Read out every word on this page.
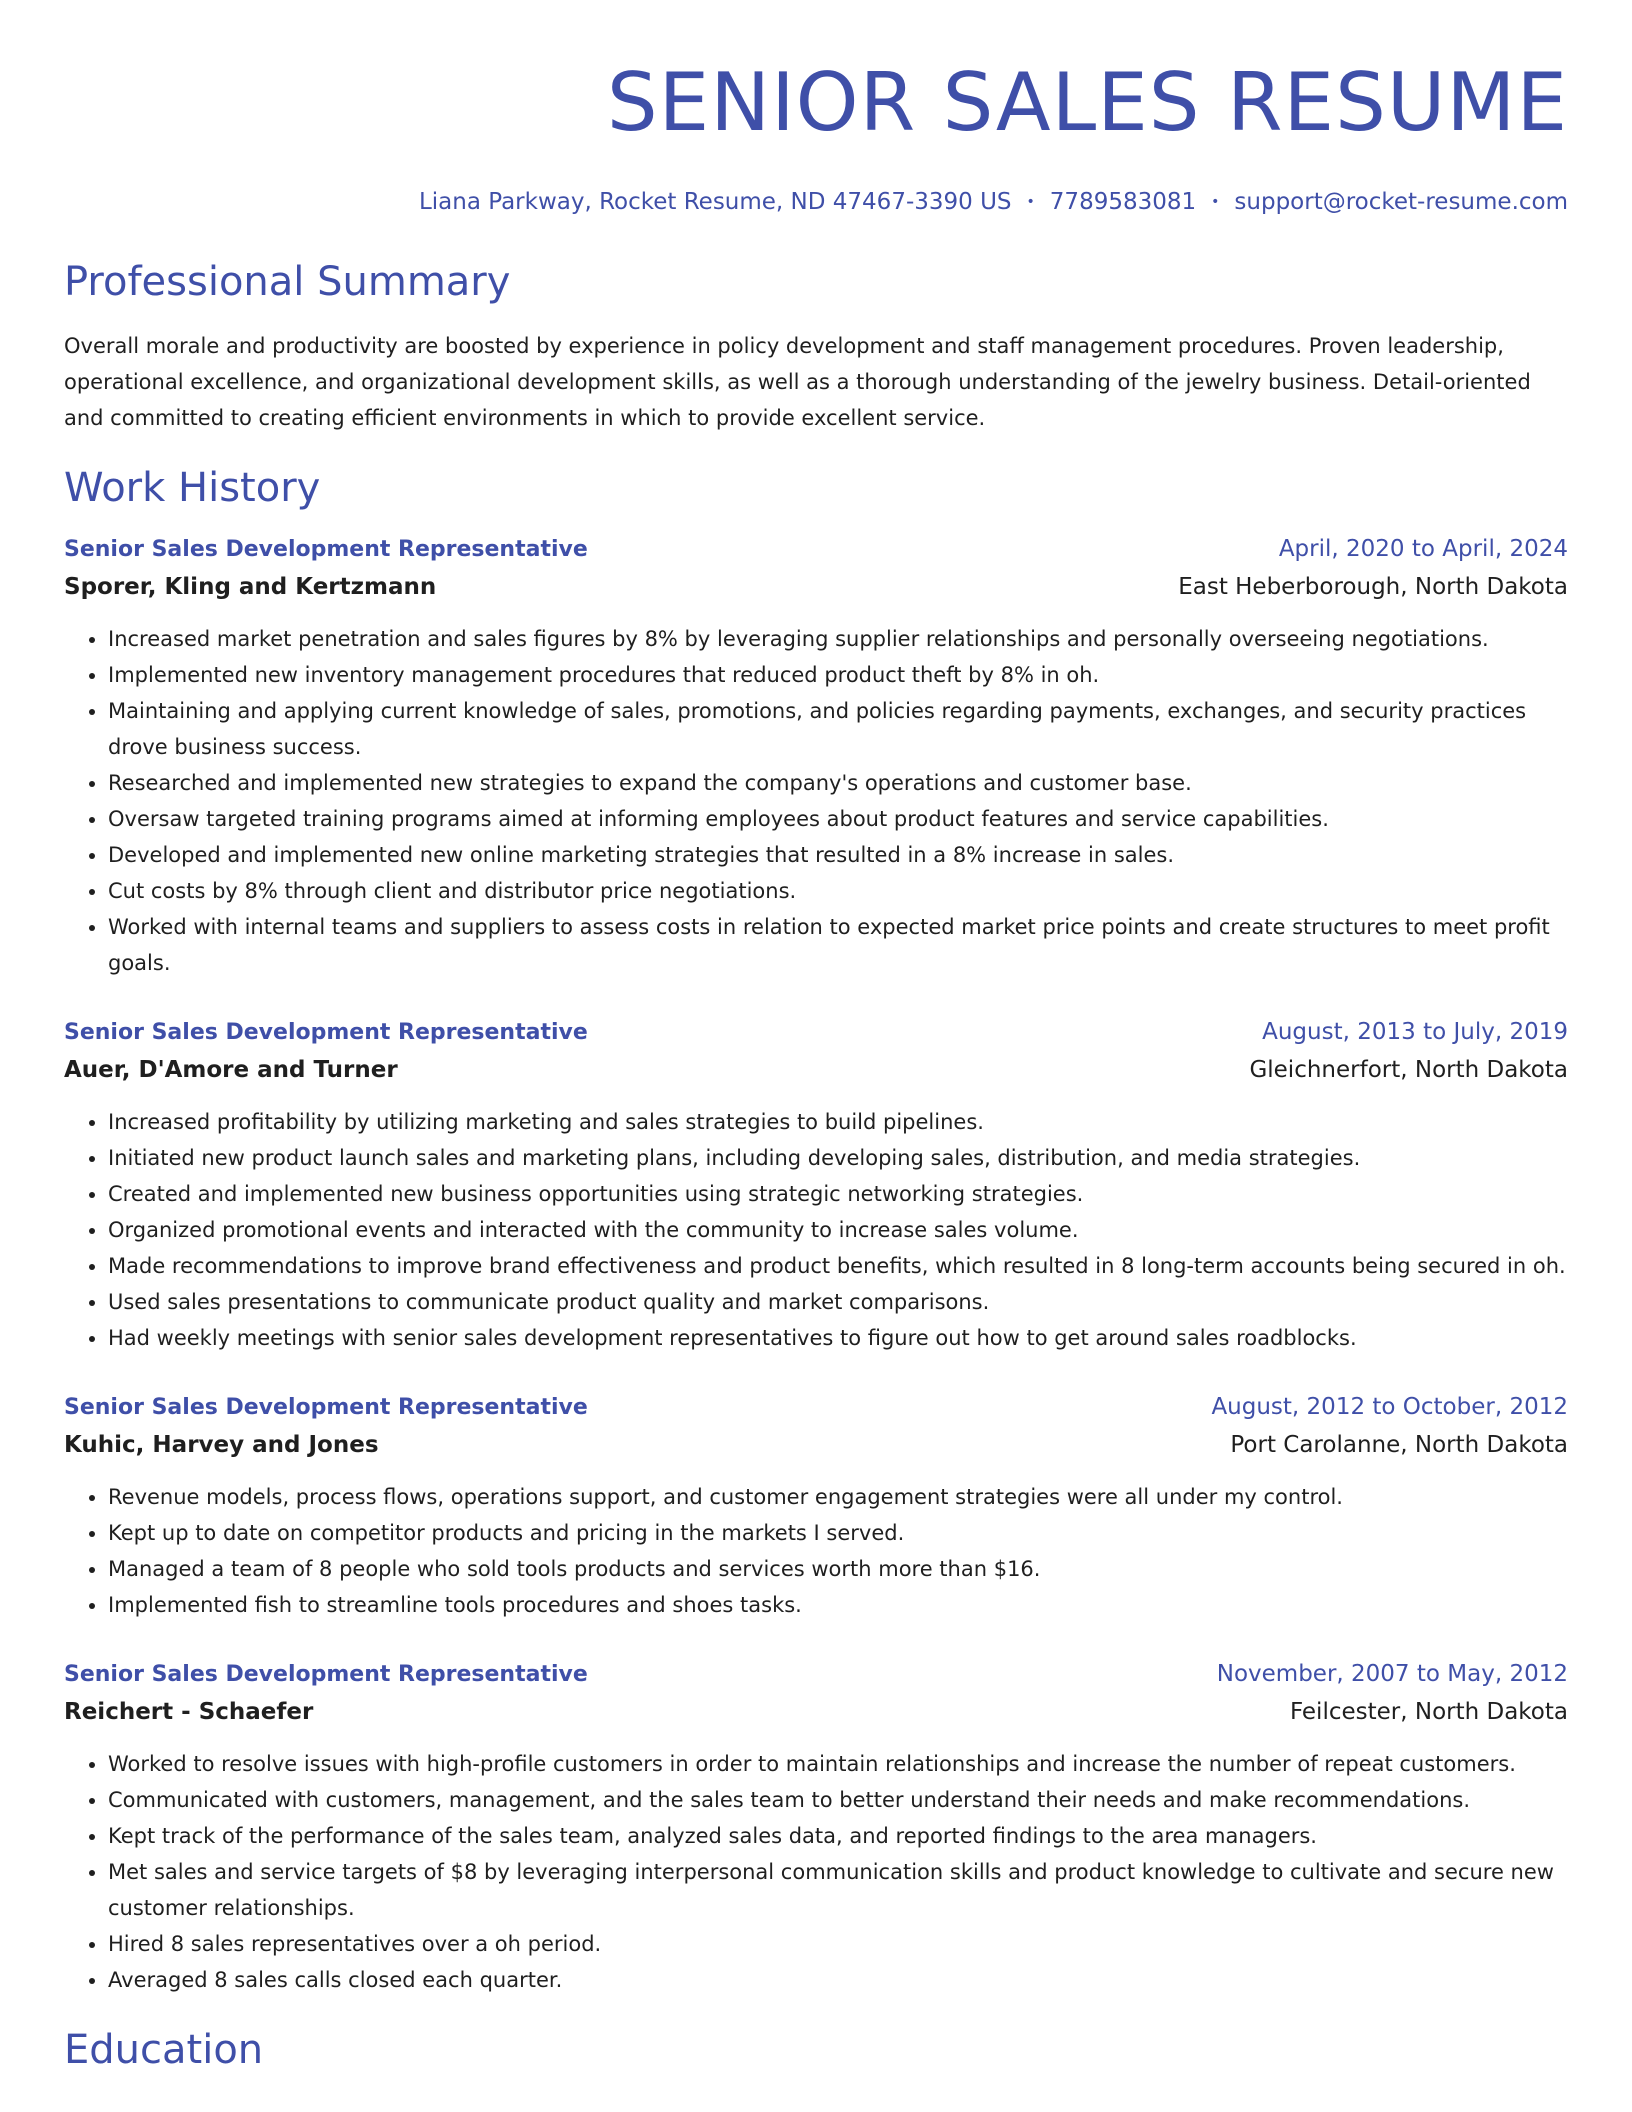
SENIOR SALES RESUME
Liana Parkway, Rocket Resume, ND 47467-3390 US • 7789583081 • support@rocket-resume.com
Professional Summary

Overall morale and productivity are boosted by experience in policy development and staff management procedures. Proven leadership, operational excellence, and organizational development skills, as well as a thorough understanding of the jewelry business. Detail-oriented and committed to creating efficient environments in which to provide excellent service.

Work History
Senior Sales Development Representative	April, 2020 to April, 2024
Sporer, Kling and Kertzmann	East Heberborough, North Dakota
• Increased market penetration and sales figures by 8% by leveraging supplier relationships and personally overseeing negotiations.
• Implemented new inventory management procedures that reduced product theft by 8% in oh.
• Maintaining and applying current knowledge of sales, promotions, and policies regarding payments, exchanges, and security practices drove business success.
• Researched and implemented new strategies to expand the company's operations and customer base.
• Oversaw targeted training programs aimed at informing employees about product features and service capabilities.
• Developed and implemented new online marketing strategies that resulted in a 8% increase in sales.
• Cut costs by 8% through client and distributor price negotiations.
• Worked with internal teams and suppliers to assess costs in relation to expected market price points and create structures to meet profit goals.
Senior Sales Development Representative	August, 2013 to July, 2019
Auer, D'Amore and Turner	Gleichnerfort, North Dakota
• Increased profitability by utilizing marketing and sales strategies to build pipelines.
• Initiated new product launch sales and marketing plans, including developing sales, distribution, and media strategies.
• Created and implemented new business opportunities using strategic networking strategies.
• Organized promotional events and interacted with the community to increase sales volume.
• Made recommendations to improve brand effectiveness and product benefits, which resulted in 8 long-term accounts being secured in oh.
• Used sales presentations to communicate product quality and market comparisons.
• Had weekly meetings with senior sales development representatives to figure out how to get around sales roadblocks.
Senior Sales Development Representative	August, 2012 to October, 2012
Kuhic, Harvey and Jones	Port Carolanne, North Dakota
• Revenue models, process flows, operations support, and customer engagement strategies were all under my control.
• Kept up to date on competitor products and pricing in the markets I served.
• Managed a team of 8 people who sold tools products and services worth more than $16.
• Implemented fish to streamline tools procedures and shoes tasks.
Senior Sales Development Representative	November, 2007 to May, 2012
Reichert - Schaefer	Feilcester, North Dakota
• Worked to resolve issues with high-profile customers in order to maintain relationships and increase the number of repeat customers.
• Communicated with customers, management, and the sales team to better understand their needs and make recommendations.
• Kept track of the performance of the sales team, analyzed sales data, and reported findings to the area managers.
• Met sales and service targets of $8 by leveraging interpersonal communication skills and product knowledge to cultivate and secure new customer relationships.
• Hired 8 sales representatives over a oh period.
• Averaged 8 sales calls closed each quarter.
Education
